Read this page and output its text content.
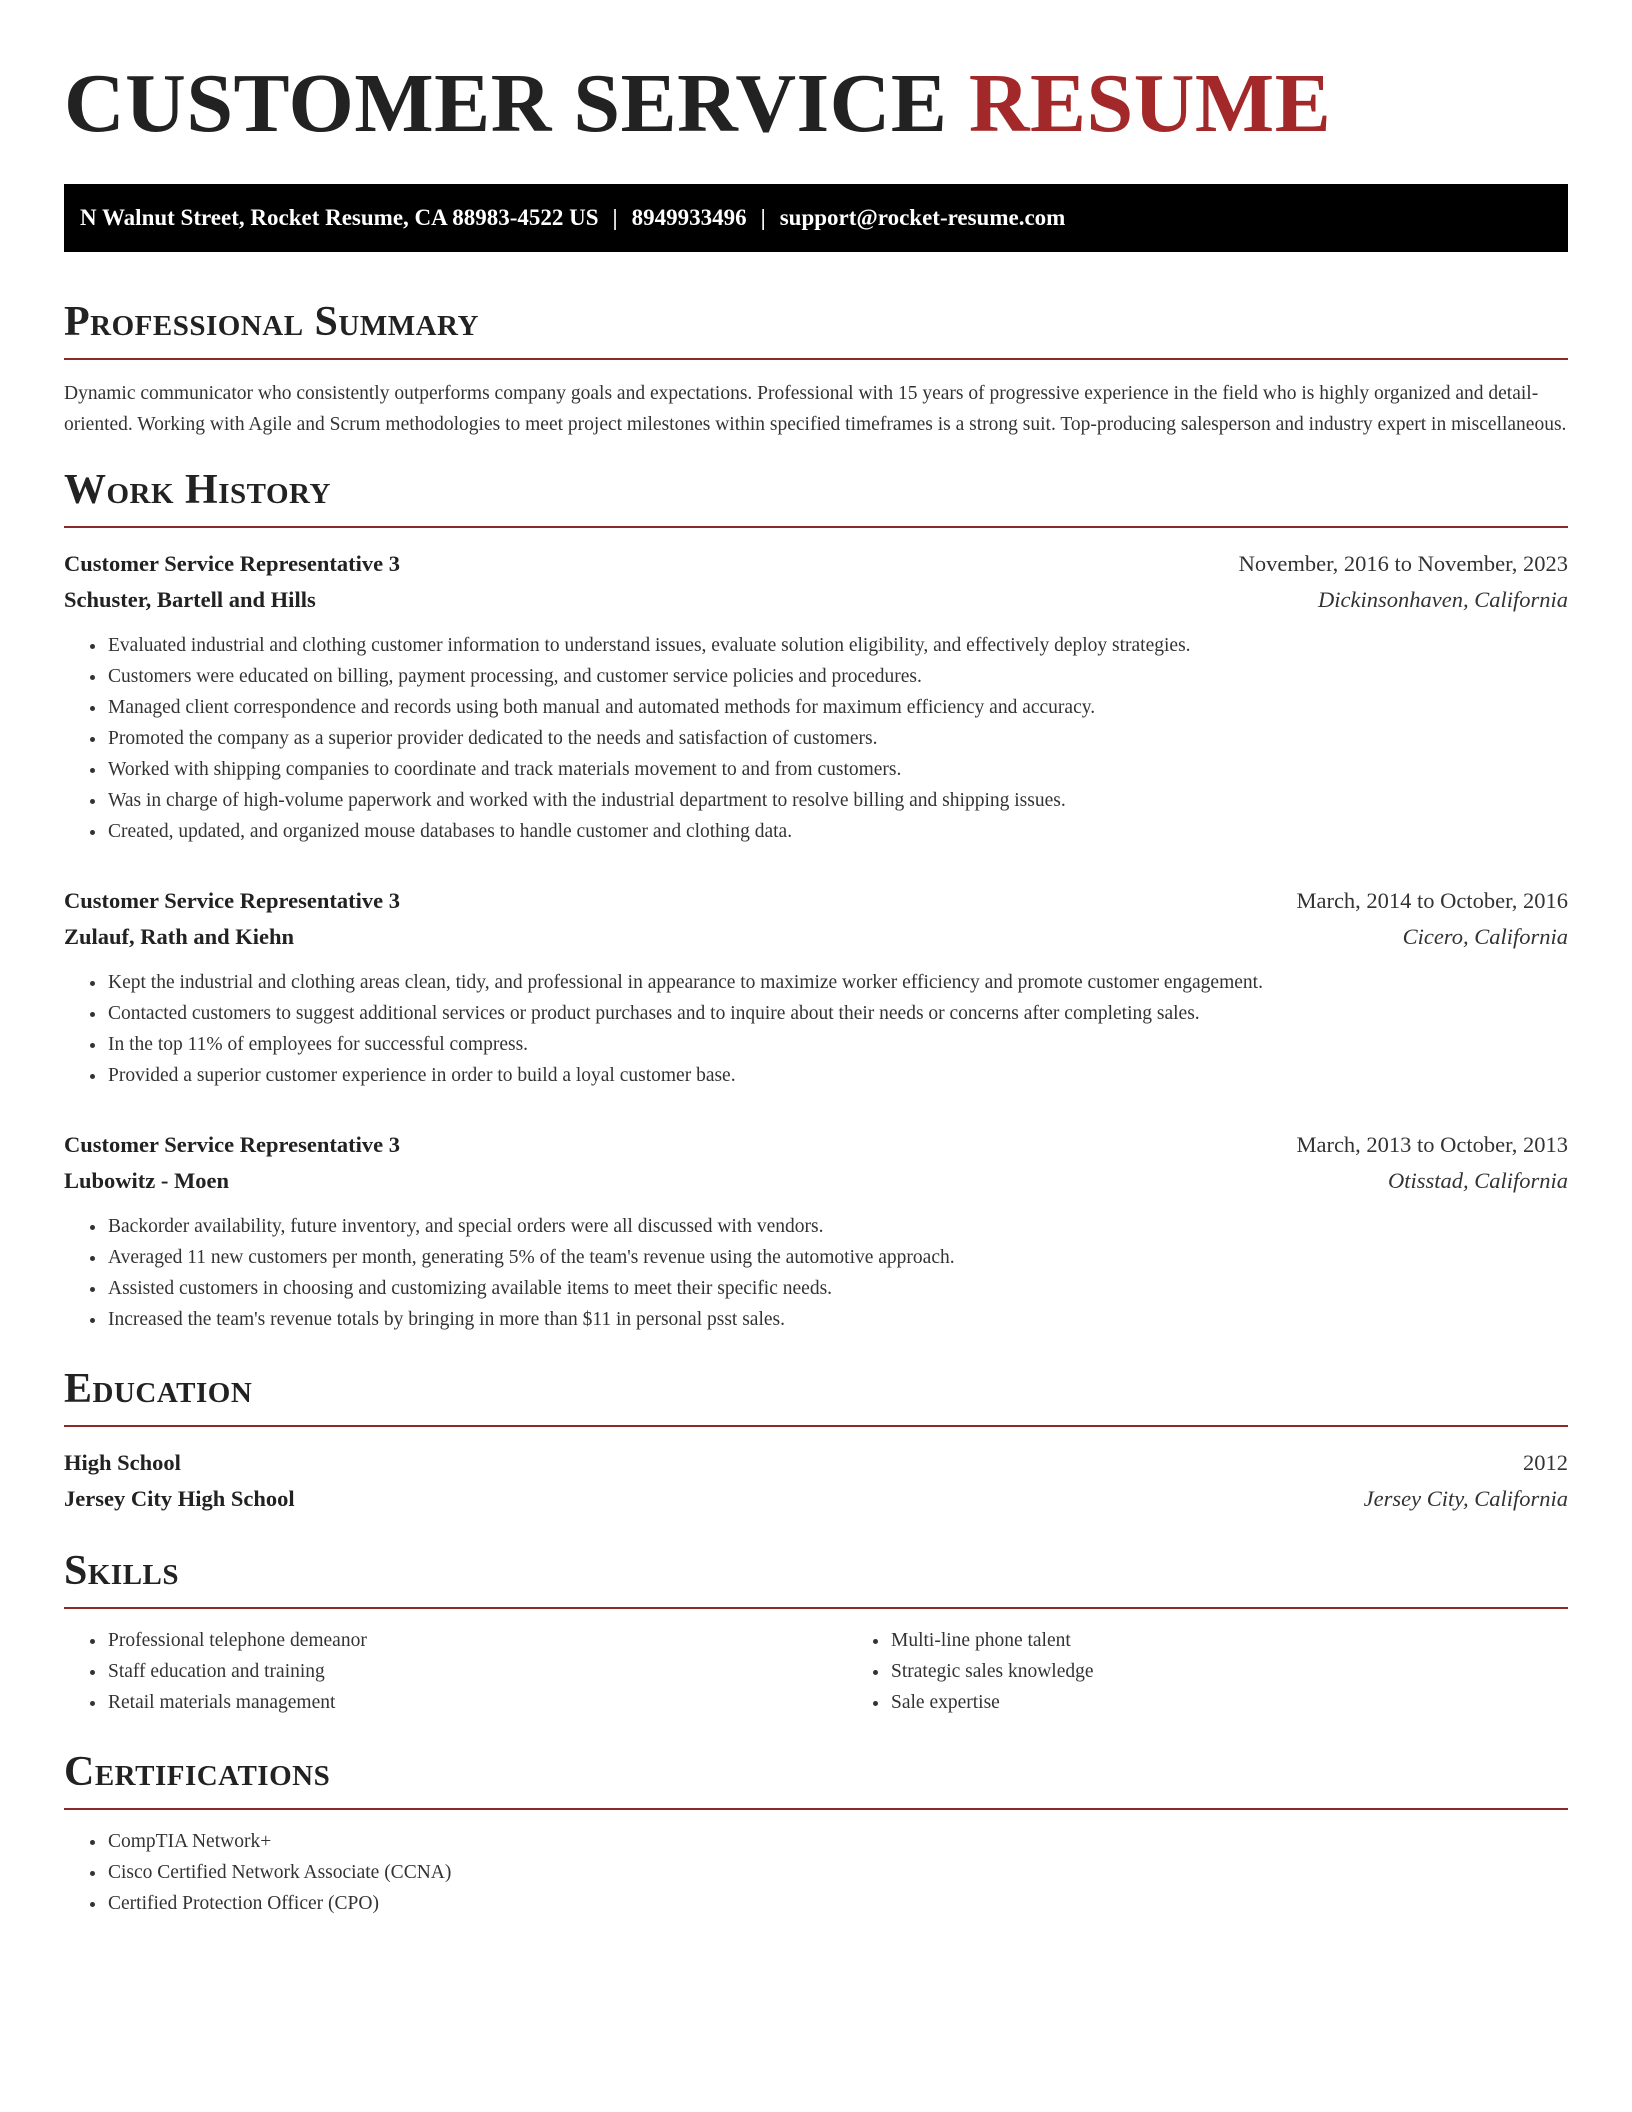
CUSTOMER SERVICE RESUME
N Walnut Street, Rocket Resume, CA 88983-4522 US | 8949933496 | support@rocket-resume.com
Professional Summary

Dynamic communicator who consistently outperforms company goals and expectations. Professional with 15 years of progressive experience in the field who is highly organized and detail-oriented. Working with Agile and Scrum methodologies to meet project milestones within specified timeframes is a strong suit. Top-producing salesperson and industry expert in miscellaneous.

Work History
Customer Service Representative 3	November, 2016 to November, 2023
Schuster, Bartell and Hills	Dickinsonhaven, California
• Evaluated industrial and clothing customer information to understand issues, evaluate solution eligibility, and effectively deploy strategies.
• Customers were educated on billing, payment processing, and customer service policies and procedures.
• Managed client correspondence and records using both manual and automated methods for maximum efficiency and accuracy.
• Promoted the company as a superior provider dedicated to the needs and satisfaction of customers.
• Worked with shipping companies to coordinate and track materials movement to and from customers.
• Was in charge of high-volume paperwork and worked with the industrial department to resolve billing and shipping issues.
• Created, updated, and organized mouse databases to handle customer and clothing data.
Customer Service Representative 3	March, 2014 to October, 2016
Zulauf, Rath and Kiehn	Cicero, California
• Kept the industrial and clothing areas clean, tidy, and professional in appearance to maximize worker efficiency and promote customer engagement.
• Contacted customers to suggest additional services or product purchases and to inquire about their needs or concerns after completing sales.
• In the top 11% of employees for successful compress.
• Provided a superior customer experience in order to build a loyal customer base.
Customer Service Representative 3	March, 2013 to October, 2013
Lubowitz - Moen	Otisstad, California
• Backorder availability, future inventory, and special orders were all discussed with vendors.
• Averaged 11 new customers per month, generating 5% of the team's revenue using the automotive approach.
• Assisted customers in choosing and customizing available items to meet their specific needs.
• Increased the team's revenue totals by bringing in more than $11 in personal psst sales.
Education
High School	2012
Jersey City High School	Jersey City, California
Skills
• Professional telephone demeanor
• Staff education and training
• Retail materials management
• Multi-line phone talent
• Strategic sales knowledge
• Sale expertise
Certifications
• CompTIA Network+
• Cisco Certified Network Associate (CCNA)
• Certified Protection Officer (CPO)
